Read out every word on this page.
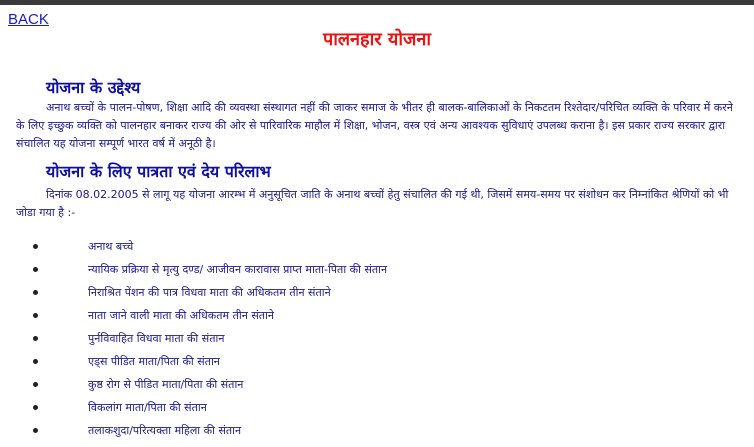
BACK
पालनहार योजना
योजना के उद्देश्य
अनाथ बच्चों के पालन-पोषण, शिक्षा आदि की व्यवस्था संस्थागत नहीं की जाकर समाज के भीतर ही बालक-बालिकाओं के निकटतम रिश्तेदार/परिचित व्यक्ति के परिवार में करने के लिए इच्छुक व्यक्ति को पालनहार बनाकर राज्य की ओर से पारिवारिक माहौल में शिक्षा, भोजन, वस्त्र एवं अन्य आवश्यक सुविधाएं उपलब्ध कराना है। इस प्रकार राज्य सरकार द्वारा संचालित यह योजना सम्पूर्ण भारत वर्ष में अनूठी है।
योजना के लिए पात्रता एवं देय परिलाभ
दिनांक 08.02.2005 से लागू यह योजना आरम्भ में अनुसूचित जाति के अनाथ बच्चों हेतु संचालित की गई थी, जिसमें समय-समय पर संशोधन कर निम्नांकित श्रेणियों को भी जोडा गया है :-
अनाथ बच्चे
न्यायिक प्रक्रिया से मृत्यु दण्ड/ आजीवन कारावास प्राप्त माता-पिता की संतान
निराश्रित पेंशन की पात्र विधवा माता की अधिकतम तीन संताने
नाता जाने वाली माता की अधिकतम तीन संताने
पुर्नविवाहित विधवा माता की संतान
एड्स पीडित माता/पिता की संतान
कुष्ठ रोग से पीडित माता/पिता की संतान
विकलांग माता/पिता की संतान
तलाकशुदा/परित्यक्ता महिला की संतान
